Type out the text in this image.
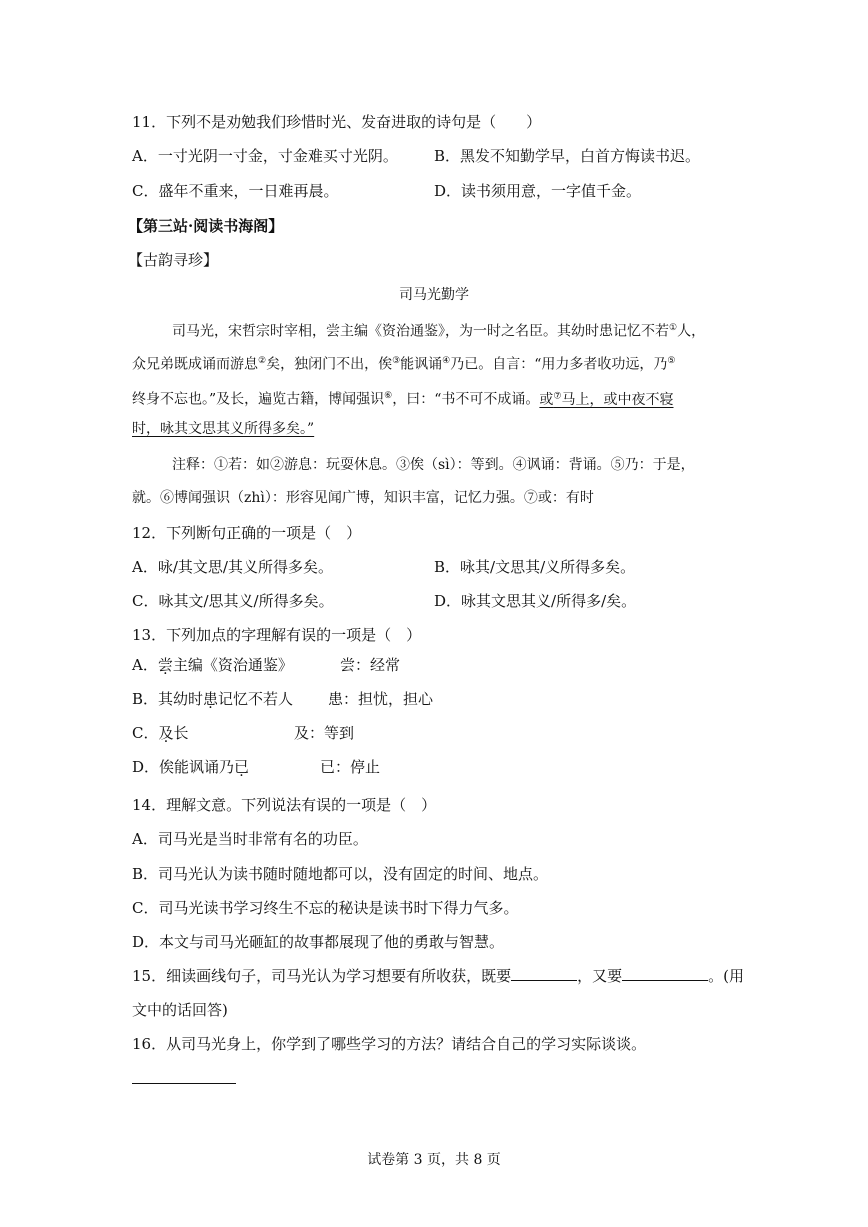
11．下列不是劝勉我们珍惜时光、发奋进取的诗句是（　　）
A．一寸光阴一寸金，寸金难买寸光阴。 B．黑发不知勤学早，白首方悔读书迟。
C．盛年不重来，一日难再晨。	D．读书须用意，一字值千金。
【第三站·阅读书海阁】
【古韵寻珍】
司马光勤学
司马光，宋哲宗时宰相，尝主编《资治通鉴》，为一时之名臣。其幼时患记忆不若①人，
众兄弟既成诵而游息②矣，独闭门不出，俟③能讽诵④乃已。自言：“用力多者收功远，乃⑤
终身不忘也。”及长，遍览古籍，博闻强识⑥，曰：“书不可不成诵。或⑦马上，或中夜不寝
时，咏其文思其义所得多矣。”
注释：①若：如②游息：玩耍休息。③俟（sì）：等到。④讽诵：背诵。⑤乃：于是，
就。⑥博闻强识（zhì）：形容见闻广博，知识丰富，记忆力强。⑦或：有时
12．下列断句正确的一项是（　）
A．咏/其文思/其义所得多矣。	B．咏其/文思其/义所得多矣。
C．咏其文/思其义/所得多矣。	D．咏其文思其义/所得多/矣。
13．下列加点的字理解有误的一项是（　）
A．尝主编《资治通鉴》	尝：经常
B．其幼时患记忆不若人 患：担忧，担心
C．及长	及：等到
D．俟能讽诵乃已	已：停止
14．理解文意。下列说法有误的一项是（　）
A．司马光是当时非常有名的功臣。
B．司马光认为读书随时随地都可以，没有固定的时间、地点。
C．司马光读书学习终生不忘的秘诀是读书时下得力气多。
D．本文与司马光砸缸的故事都展现了他的勇敢与智慧。
15．细读画线句子，司马光认为学习想要有所收获，既要	，又要	。(用
文中的话回答)
16．从司马光身上，你学到了哪些学习的方法？请结合自己的学习实际谈谈。
试卷第 3 页，共 8 页
